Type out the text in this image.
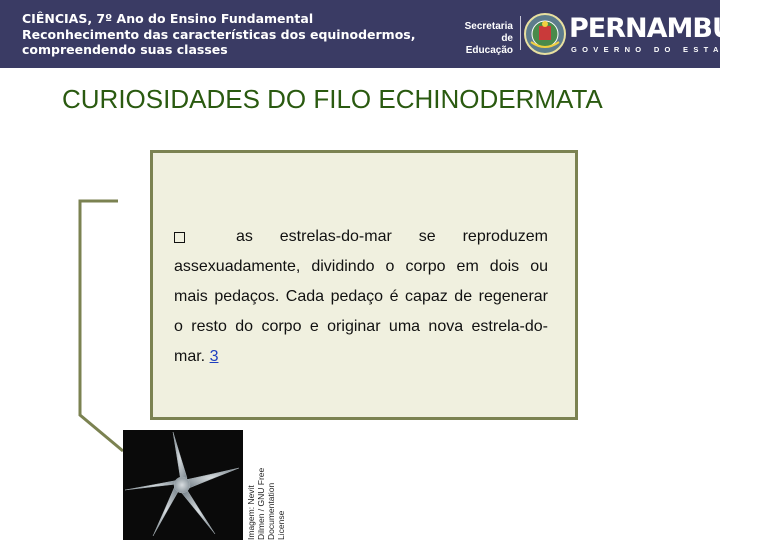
CIÊNCIAS, 7º Ano do Ensino Fundamental
Reconhecimento das características dos equinodermos,
compreendendo suas classes
Secretaria de
Educação
PERNAMBUCO
GOVERNO DO ESTADO
CURIOSIDADES DO FILO ECHINODERMATA
as estrelas-do-mar se reproduzem
assexuadamente, dividindo o corpo em dois ou
mais pedaços. Cada pedaço é capaz de regenerar
o resto do corpo e originar uma nova estrela-do-
mar. 3
Imagem: Nevit Dilmen / GNU Free Documentation License
